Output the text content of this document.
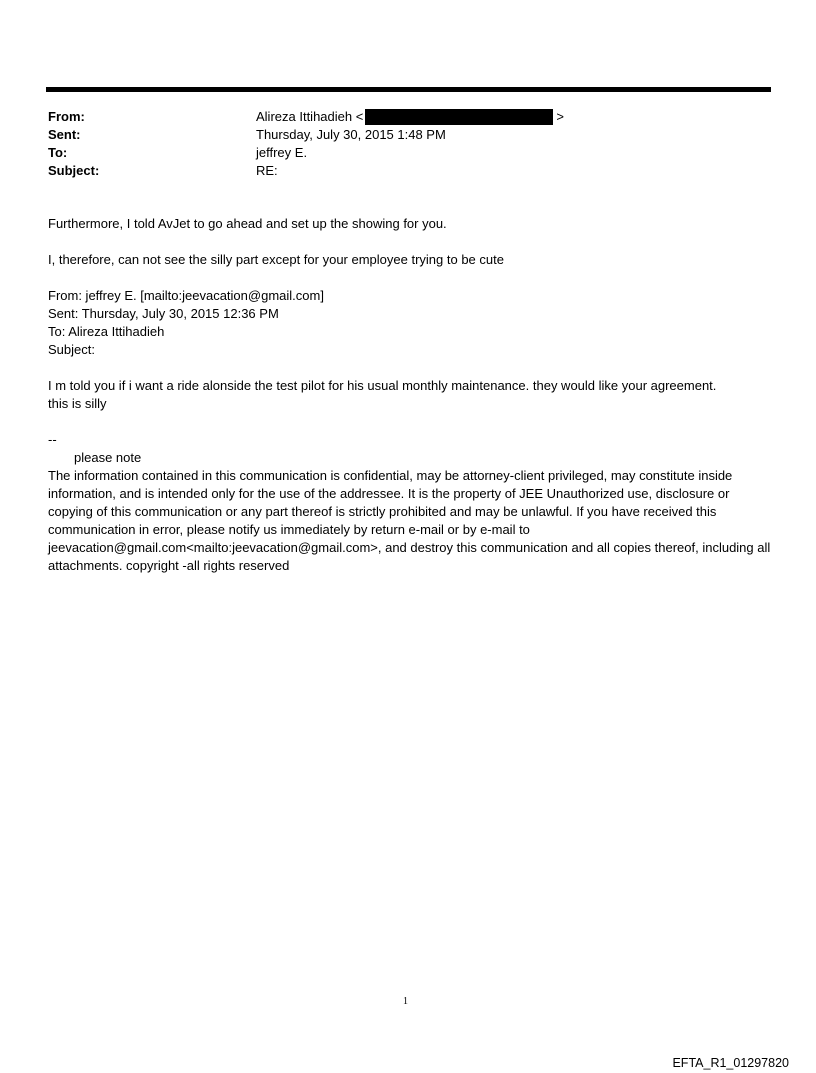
From:	Alireza Ittihadieh <	>
Sent:	Thursday, July 30, 2015 1:48 PM
To:	jeffrey E.
Subject:	RE:

Furthermore, I told AvJet to go ahead and set up the showing for you.

I, therefore, can not see the silly part except for your employee trying to be cute

From: jeffrey E. [mailto:jeevacation@gmail.com]
Sent: Thursday, July 30, 2015 12:36 PM
To: Alireza Ittihadieh
Subject:
I m told you if i want a ride alonside the test pilot for his usual monthly maintenance. they would like your agreement.
this is silly
--
please note
The information contained in this communication is confidential, may be attorney-client privileged, may constitute inside information, and is intended only for the use of the addressee. It is the property of JEE Unauthorized use, disclosure or copying of this communication or any part thereof is strictly prohibited and may be unlawful. If you have received this communication in error, please notify us immediately by return e-mail or by e-mail to jeevacation@gmail.com<mailto:jeevacation@gmail.com>, and destroy this communication and all copies thereof, including all attachments. copyright -all rights reserved
1
EFTA_R1_01297820
